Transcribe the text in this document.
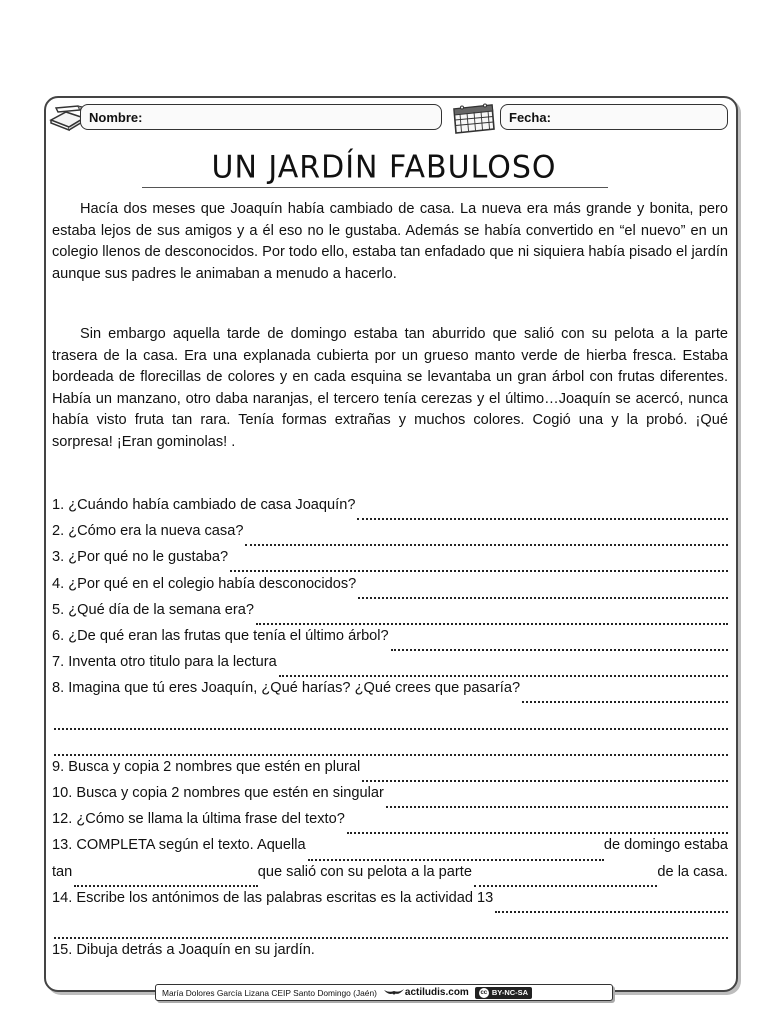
Nombre:	Fecha:
UN JARDÍN FABULOSO

Hacía dos meses que Joaquín había cambiado de casa. La nueva era más grande y bonita, pero estaba lejos de sus amigos y a él eso no le gustaba. Además se había convertido en “el nuevo” en un colegio llenos de desconocidos. Por todo ello, estaba tan enfadado que ni siquiera había pisado el jardín aunque sus padres le animaban a menudo a hacerlo.

Sin embargo aquella tarde de domingo estaba tan aburrido que salió con su pelota a la parte trasera de la casa. Era una explanada cubierta por un grueso manto verde de hierba fresca. Estaba bordeada de florecillas de colores y en cada esquina se levantaba un gran árbol con frutas diferentes. Había un manzano, otro daba naranjas, el tercero tenía cerezas y el último…Joaquín se acercó, nunca había visto fruta tan rara. Tenía formas extrañas y muchos colores. Cogió una y la probó. ¡Qué sorpresa! ¡Eran gominolas! .

1. ¿Cuándo había cambiado de casa Joaquín?
2. ¿Cómo era la nueva casa?
3. ¿Por qué no le gustaba?
4. ¿Por qué en el colegio había desconocidos?
5. ¿Qué día de la semana era?
6. ¿De qué eran las frutas que tenía el último árbol?
7. Inventa otro titulo para la lectura
8. Imagina que tú eres Joaquín, ¿Qué harías? ¿Qué crees que pasaría?
9. Busca y copia 2 nombres que estén en plural
10. Busca y copia 2 nombres que estén en singular
12. ¿Cómo se llama la última frase del texto?
13. COMPLETA según el texto. Aquella	de domingo estaba
tan	que salió con su pelota a la parte	de la casa.
14. Escribe los antónimos de las palabras escritas es la actividad 13
15. Dibuja detrás a Joaquín en su jardín.
María Dolores García Lizana CEIP Santo Domingo (Jaén)	actiludis.com cc BY-NC-SA
